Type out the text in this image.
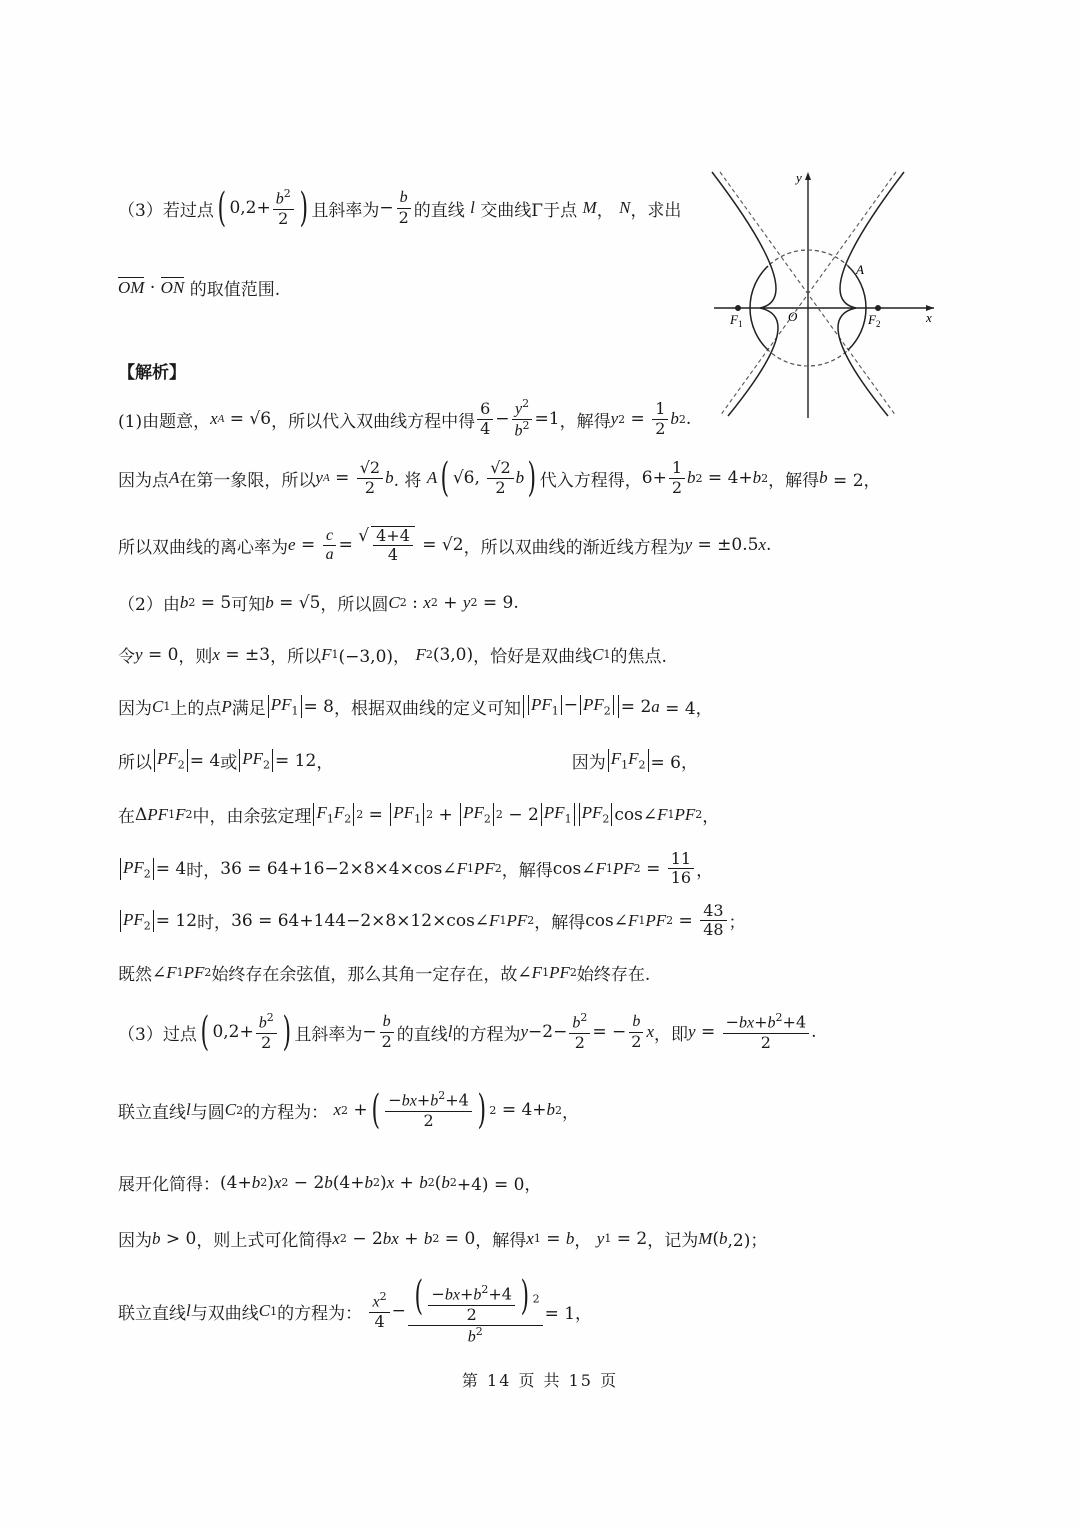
（3）若过点 ( $0,2+ \frac{b^2}{2}$ ) 且斜率为 − $\frac{b}{2}$ 的直线
l
交曲线Γ于点
M ，
N ，求出
OM · ON
的取值范围.
y
x
A
O
$F_1$	$F_2$
【解析】
(1)由题意， x A = √6 ，所以代入双曲线方程中得 $\frac{6}{4} - \frac{y^2}{b^2} =1$ ，解得 y $2 = \frac{1}{2}$ b 2 .
因为点 A 在第一象限，所以 y $A = \frac{√2}{2}$ b . 将
A ( √6, $\frac{√2}{2}$ b ) 代入方程得， $6+ \frac{1}{2}$ b 2 = 4+ b 2 ，解得 b = 2，
所以双曲线的离心率为 $e = \frac{c}{a}$ = √ $\frac{4+4}{4} = √2$ ，所以双曲线的渐近线方程为 y = ±0.5 x .
（2）由 b 2 = 5 可知 b = √5 ，所以圆 C 2 : x 2 + y 2 = 9.
令 y = 0 ，则 x = ±3 ，所以 F 1 (−3,0)， F 2 (3,0) ，恰好是双曲线 C 1 的焦点.
因为 C 1 上的点 P 满足 $PF_1 = 8$ ，根据双曲线的定义可知 $PF_1 - PF_2 = 2$ a = 4，
所以 $PF_2 = 4$ 或 $PF_2 = 12$ ，	因为 $F_1F_2 = 6$，
在 Δ PF 1 F 2 中，由余弦定理 $F_1F_2$ $2 = PF_1$ $2 + PF_2$ 2 − 2 $PF_1$ $PF_2$ cos∠ F 1 PF 2 ，
$PF_2 = 4$ 时， 36 = 64+16−2×8×4×cos∠ F 1 PF 2 ，解得 cos∠ F 1 PF $2 = \frac{11}{16}$ ，
$PF_2 = 12$ 时， 36 = 64+144−2×8×12×cos∠ F 1 PF 2 ，解得 cos∠ F 1 PF $2 = \frac{43}{48}$ ；
既然 ∠ F 1 PF 2 始终存在余弦值，那么其角一定存在，故 ∠ F 1 PF 2 始终存在.
（3）过点 ( $0,2+ \frac{b^2}{2}$ ) 且斜率为 − $\frac{b}{2}$ 的直线 l 的方程为 $y -2- \frac{b^2}{2}$ = − $\frac{b}{2}$ x ，即 $y = \frac{-bx+b^2+4}{2}$ .
联立直线 l 与圆 C 2 的方程为：
x 2 + ( $\frac{-bx+b^2+4}{2}$ ) 2 = 4+ b 2 ，
展开化简得： (4+ b 2 ) x 2 − 2 b (4+ b 2 ) x + b 2 ( b 2 +4) = 0，
因为 b > 0 ，则上式可化简得 x 2 − 2 bx + b 2 = 0 ，解得 x 1 = b ， y 1 = 2 ，记为 M ( b ,2)；
联立直线 l 与双曲线 C 1 的方程为：
$\frac{x^2}{4} - \frac{( \frac{-bx+b^2+4}{2} ) ^2}{b^2} = 1$，
第 14 页 共 15 页
